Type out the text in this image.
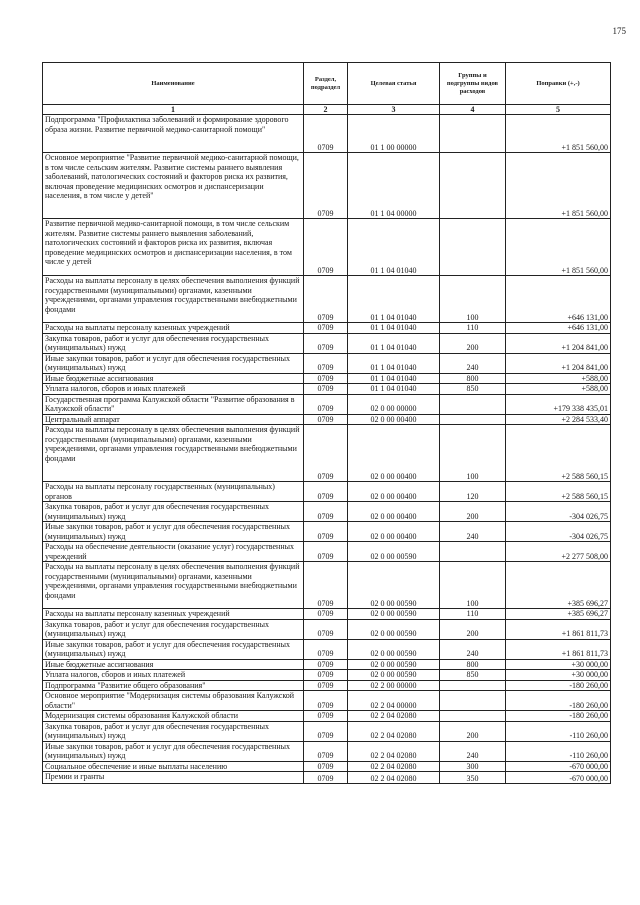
175
Наименование	Раздел, подраздел	Целевая статья	Группы и подгруппы видов расходов	Поправки (+,-)
1	2	3	4	5
Подпрограмма "Профилактика заболеваний и формирование здорового образа жизни. Развитие первичной медико-санитарной помощи"	0709	01 1 00 00000		+1 851 560,00
Основное мероприятие "Развитие первичной медико-санитарной помощи, в том числе сельским жителям. Развитие системы раннего выявления заболеваний, патологических состояний и факторов риска их развития, включая проведение медицинских осмотров и диспансеризации населения, в том числе у детей"	0709	01 1 04 00000		+1 851 560,00
Развитие первичной медико-санитарной помощи, в том числе сельским жителям. Развитие системы раннего выявления заболеваний, патологических состояний и факторов риска их развития, включая проведение медицинских осмотров и диспансеризации населения, в том числе у детей	0709	01 1 04 01040		+1 851 560,00
Расходы на выплаты персоналу в целях обеспечения выполнения функций государственными (муниципальными) органами, казенными учреждениями, органами управления государственными внебюджетными фондами	0709	01 1 04 01040	100	+646 131,00
Расходы на выплаты персоналу казенных учреждений	0709	01 1 04 01040	110	+646 131,00
Закупка товаров, работ и услуг для обеспечения государственных (муниципальных) нужд	0709	01 1 04 01040	200	+1 204 841,00
Иные закупки товаров, работ и услуг для обеспечения государственных (муниципальных) нужд	0709	01 1 04 01040	240	+1 204 841,00
Иные бюджетные ассигнования	0709	01 1 04 01040	800	+588,00
Уплата налогов, сборов и иных платежей	0709	01 1 04 01040	850	+588,00
Государственная программа Калужской области "Развитие образования в Калужской области"	0709	02 0 00 00000		+179 338 435,01
Центральный аппарат	0709	02 0 00 00400		+2 284 533,40
Расходы на выплаты персоналу в целях обеспечения выполнения функций государственными (муниципальными) органами, казенными учреждениями, органами управления государственными внебюджетными фондами	0709	02 0 00 00400	100	+2 588 560,15
Расходы на выплаты персоналу государственных (муниципальных) органов	0709	02 0 00 00400	120	+2 588 560,15
Закупка товаров, работ и услуг для обеспечения государственных (муниципальных) нужд	0709	02 0 00 00400	200	-304 026,75
Иные закупки товаров, работ и услуг для обеспечения государственных (муниципальных) нужд	0709	02 0 00 00400	240	-304 026,75
Расходы на обеспечение деятельности (оказание услуг) государственных учреждений	0709	02 0 00 00590		+2 277 508,00
Расходы на выплаты персоналу в целях обеспечения выполнения функций государственными (муниципальными) органами, казенными учреждениями, органами управления государственными внебюджетными фондами	0709	02 0 00 00590	100	+385 696,27
Расходы на выплаты персоналу казенных учреждений	0709	02 0 00 00590	110	+385 696,27
Закупка товаров, работ и услуг для обеспечения государственных (муниципальных) нужд	0709	02 0 00 00590	200	+1 861 811,73
Иные закупки товаров, работ и услуг для обеспечения государственных (муниципальных) нужд	0709	02 0 00 00590	240	+1 861 811,73
Иные бюджетные ассигнования	0709	02 0 00 00590	800	+30 000,00
Уплата налогов, сборов и иных платежей	0709	02 0 00 00590	850	+30 000,00
Подпрограмма "Развитие общего образования"	0709	02 2 00 00000		-180 260,00
Основное мероприятие "Модернизация системы образования Калужской области"	0709	02 2 04 00000		-180 260,00
Модернизация системы образования Калужской области	0709	02 2 04 02080		-180 260,00
Закупка товаров, работ и услуг для обеспечения государственных (муниципальных) нужд	0709	02 2 04 02080	200	-110 260,00
Иные закупки товаров, работ и услуг для обеспечения государственных (муниципальных) нужд	0709	02 2 04 02080	240	-110 260,00
Социальное обеспечение и иные выплаты населению	0709	02 2 04 02080	300	-670 000,00
Премии и гранты	0709	02 2 04 02080	350	-670 000,00
